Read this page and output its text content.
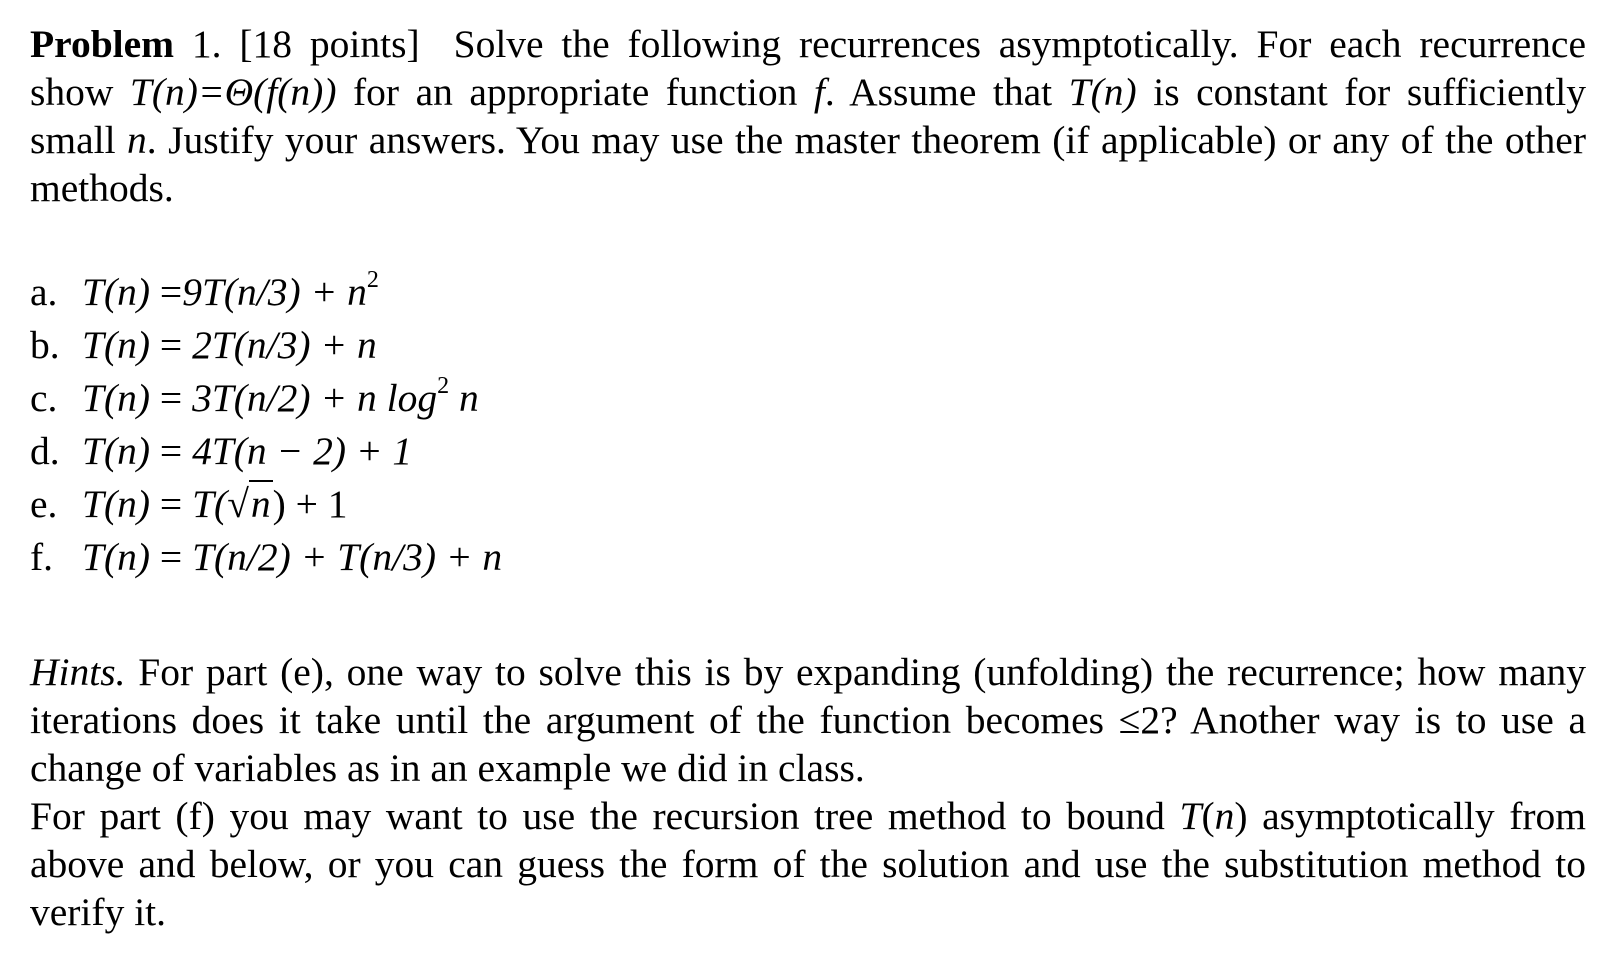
Problem 1. [18 points] Solve the following recurrences asymptotically. For each recurrence show T(n)=Θ(f(n)) for an appropriate function f. Assume that T(n) is constant for sufficiently small n. Justify your answers. You may use the master theorem (if applicable) or any of the other methods.

a. $T(n) =9T(n/3) + n^2$
b. T(n) = 2T(n/3) + n
c. T(n) = 3T(n/2) + n $\log^2 n$
d. T(n) = 4T(n − 2) + 1
e. T(n) = T(√n) + 1
f. T(n) = T(n/2) + T(n/3) + n

Hints. For part (e), one way to solve this is by expanding (unfolding) the recurrence; how many iterations does it take until the argument of the function becomes ≤2? Another way is to use a change of variables as in an example we did in class.

For part (f) you may want to use the recursion tree method to bound T(n) asymptotically from above and below, or you can guess the form of the solution and use the substitution method to verify it.
